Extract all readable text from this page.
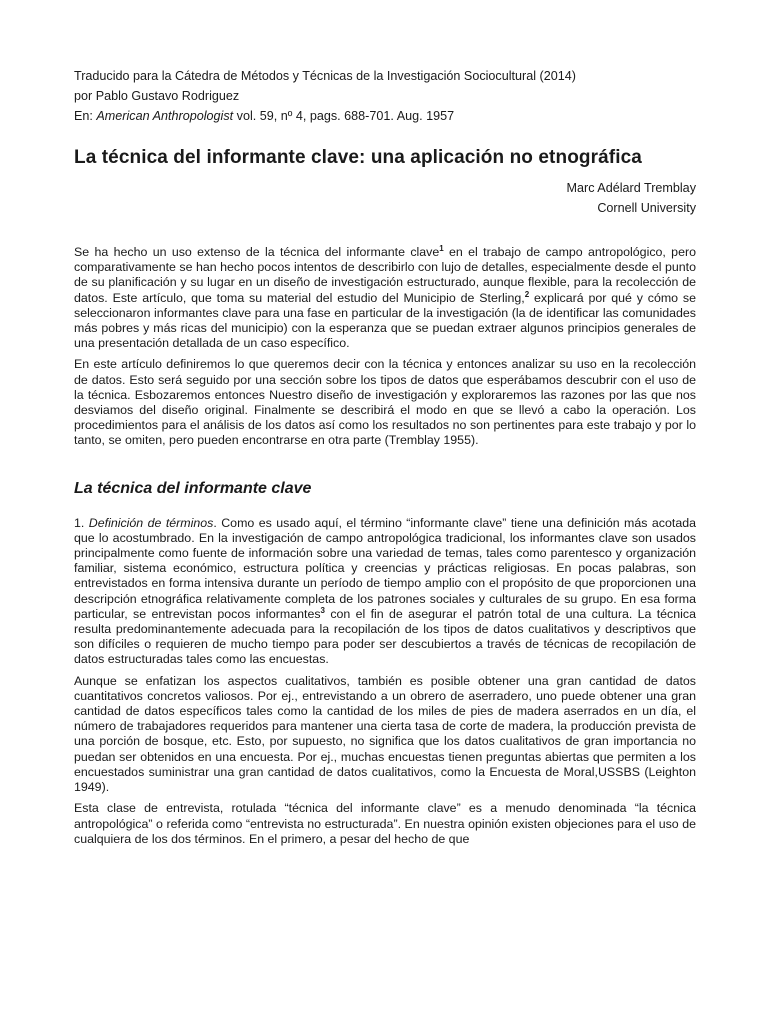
Traducido para la Cátedra de Métodos y Técnicas de la Investigación Sociocultural (2014)
por Pablo Gustavo Rodriguez
En: American Anthropologist vol. 59, nº 4, pags. 688-701. Aug. 1957
La técnica del informante clave: una aplicación no etnográfica
Marc Adélard Tremblay
Cornell University

Se ha hecho un uso extenso de la técnica del informante clave$^1$ en el trabajo de campo antropológico, pero comparativamente se han hecho pocos intentos de describirlo con lujo de detalles, especialmente desde el punto de su planificación y su lugar en un diseño de investigación estructurado, aunque flexible, para la recolección de datos. Este artículo, que toma su material del estudio del Municipio de Sterling,$^2$ explicará por qué y cómo se seleccionaron informantes clave para una fase en particular de la investigación (la de identificar las comunidades más pobres y más ricas del municipio) con la esperanza que se puedan extraer algunos principios generales de una presentación detallada de un caso específico.

En este artículo definiremos lo que queremos decir con la técnica y entonces analizar su uso en la recolección de datos. Esto será seguido por una sección sobre los tipos de datos que esperábamos descubrir con el uso de la técnica. Esbozaremos entonces Nuestro diseño de investigación y exploraremos las razones por las que nos desviamos del diseño original. Finalmente se describirá el modo en que se llevó a cabo la operación. Los procedimientos para el análisis de los datos así como los resultados no son pertinentes para este trabajo y por lo tanto, se omiten, pero pueden encontrarse en otra parte (Tremblay 1955).

La técnica del informante clave

1. Definición de términos. Como es usado aquí, el término “informante clave” tiene una definición más acotada que lo acostumbrado. En la investigación de campo antropológica tradicional, los informantes clave son usados principalmente como fuente de información sobre una variedad de temas, tales como parentesco y organización familiar, sistema económico, estructura política y creencias y prácticas religiosas. En pocas palabras, son entrevistados en forma intensiva durante un período de tiempo amplio con el propósito de que proporcionen una descripción etnográfica relativamente completa de los patrones sociales y culturales de su grupo. En esa forma particular, se entrevistan pocos informantes$^3$ con el fin de asegurar el patrón total de una cultura. La técnica resulta predominantemente adecuada para la recopilación de los tipos de datos cualitativos y descriptivos que son difíciles o requieren de mucho tiempo para poder ser descubiertos a través de técnicas de recopilación de datos estructuradas tales como las encuestas.

Aunque se enfatizan los aspectos cualitativos, también es posible obtener una gran cantidad de datos cuantitativos concretos valiosos. Por ej., entrevistando a un obrero de aserradero, uno puede obtener una gran cantidad de datos específicos tales como la cantidad de los miles de pies de madera aserrados en un día, el número de trabajadores requeridos para mantener una cierta tasa de corte de madera, la producción prevista de una porción de bosque, etc. Esto, por supuesto, no significa que los datos cualitativos de gran importancia no puedan ser obtenidos en una encuesta. Por ej., muchas encuestas tienen preguntas abiertas que permiten a los encuestados suministrar una gran cantidad de datos cualitativos, como la Encuesta de Moral,USSBS (Leighton 1949).

Esta clase de entrevista, rotulada “técnica del informante clave” es a menudo denominada “la técnica antropológica” o referida como “entrevista no estructurada”. En nuestra opinión existen objeciones para el uso de cualquiera de los dos términos. En el primero, a pesar del hecho de que
